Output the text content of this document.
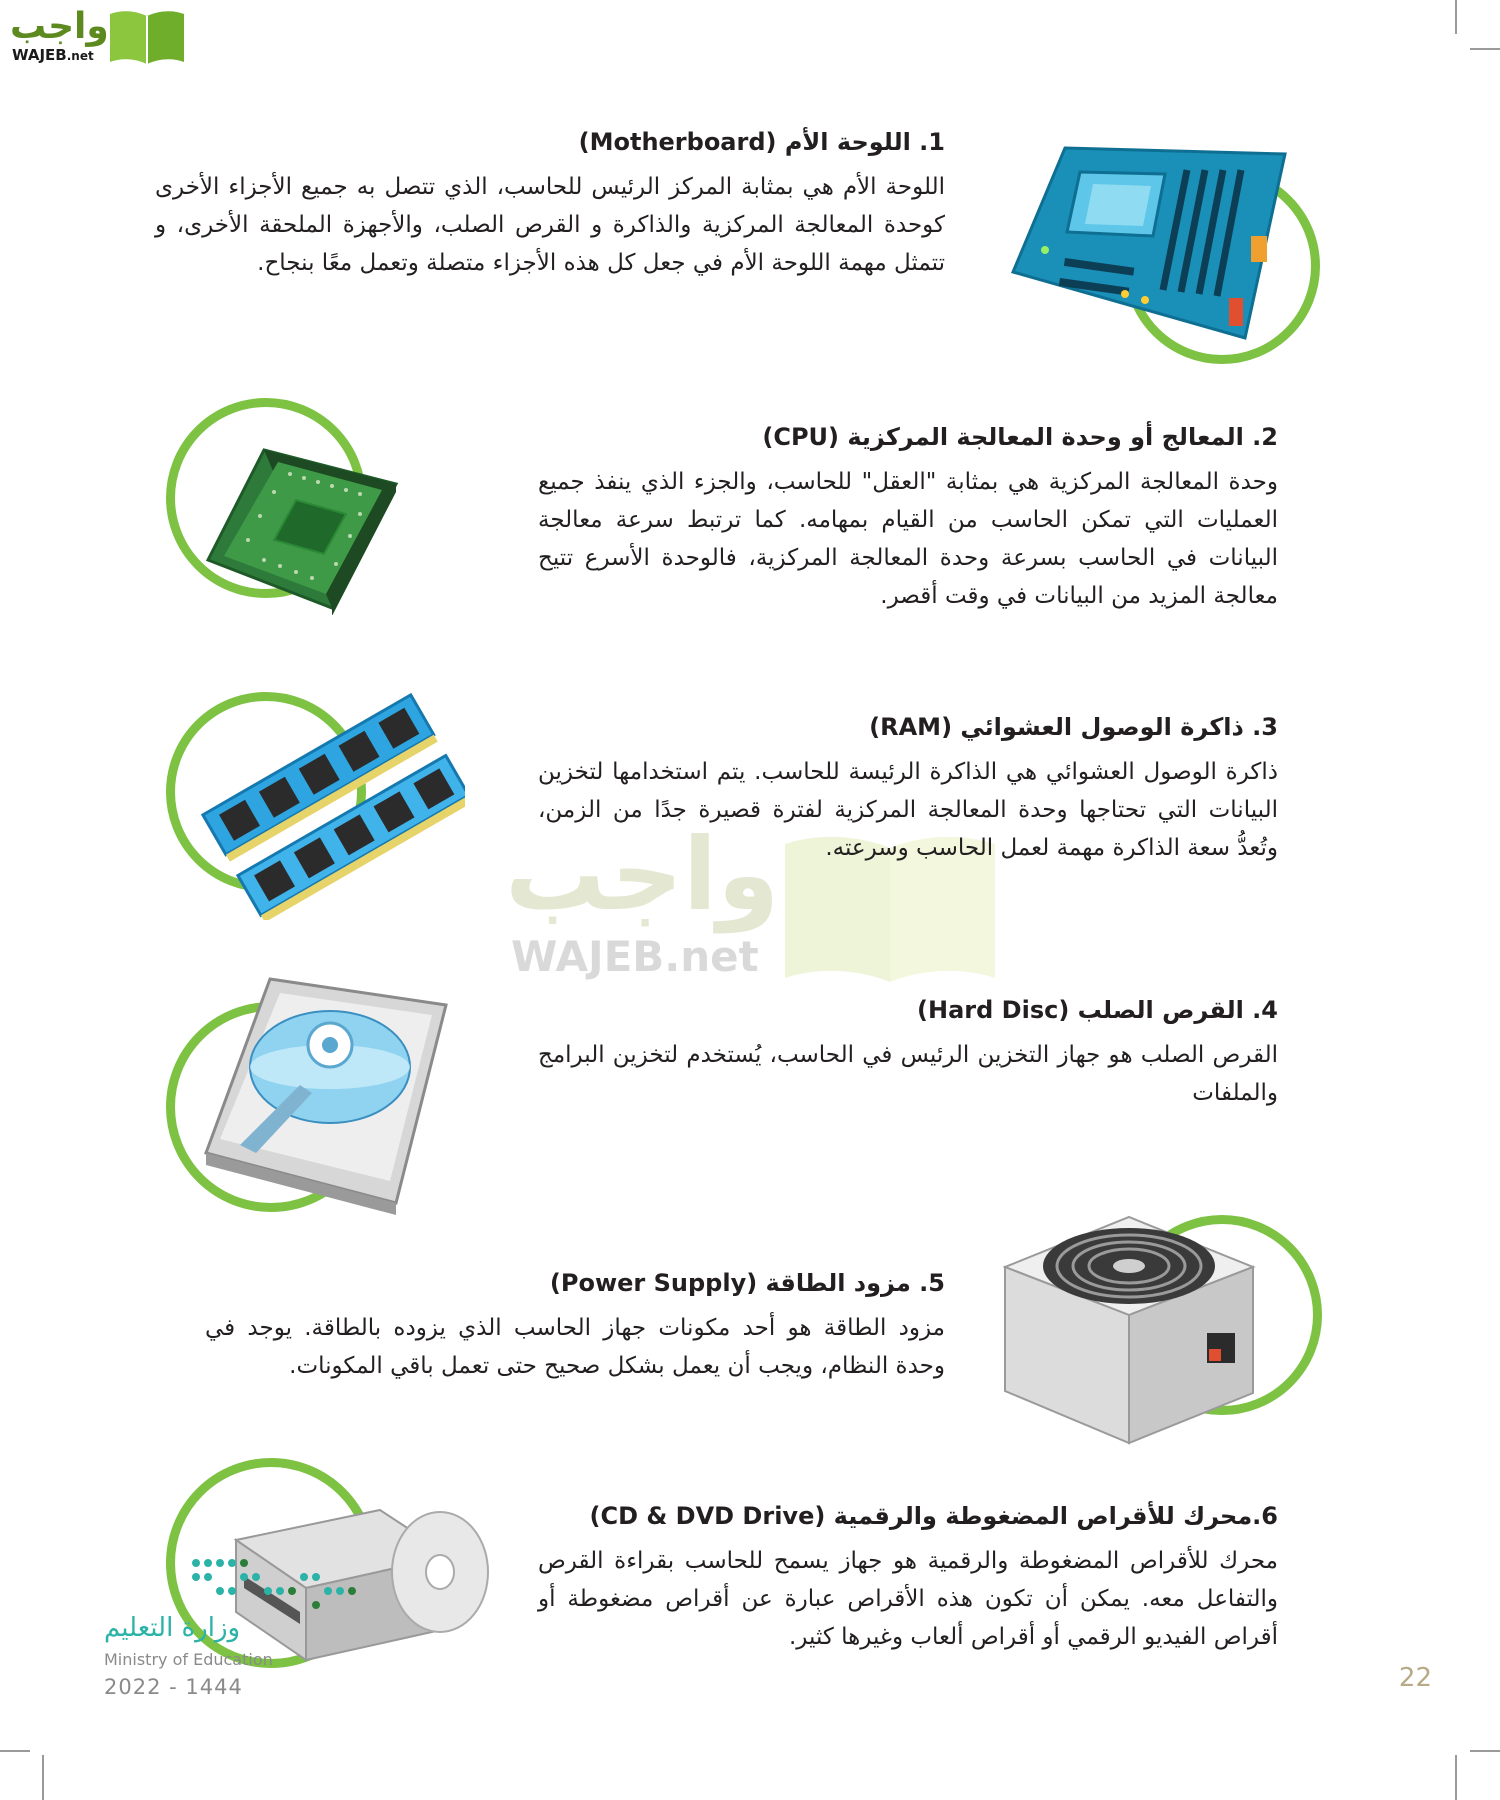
واجب
WAJEB.net
واجب
WAJEB.net
1. اللوحة الأم (Motherboard)
اللوحة الأم هي بمثابة المركز الرئيس للحاسب، الذي تتصل به جميع الأجزاء الأخرى كوحدة المعالجة المركزية والذاكرة و القرص الصلب، والأجهزة الملحقة الأخرى، و تتمثل مهمة اللوحة الأم في جعل كل هذه الأجزاء متصلة وتعمل معًا بنجاح.
2. المعالج أو وحدة المعالجة المركزية (CPU)
وحدة المعالجة المركزية هي بمثابة "العقل" للحاسب، والجزء الذي ينفذ جميع العمليات التي تمكن الحاسب من القيام بمهامه. كما ترتبط سرعة معالجة البيانات في الحاسب بسرعة وحدة المعالجة المركزية، فالوحدة الأسرع تتيح معالجة المزيد من البيانات في وقت أقصر.
3. ذاكرة الوصول العشوائي (RAM)
ذاكرة الوصول العشوائي هي الذاكرة الرئيسة للحاسب. يتم استخدامها لتخزين البيانات التي تحتاجها وحدة المعالجة المركزية لفترة قصيرة جدًا من الزمن، وتُعدُّ سعة الذاكرة مهمة لعمل الحاسب وسرعته.
4. القرص الصلب (Hard Disc)
القرص الصلب هو جهاز التخزين الرئيس في الحاسب، يُستخدم لتخزين البرامج والملفات
5. مزود الطاقة (Power Supply)
مزود الطاقة هو أحد مكونات جهاز الحاسب الذي يزوده بالطاقة. يوجد في وحدة النظام، ويجب أن يعمل بشكل صحيح حتى تعمل باقي المكونات.
6.محرك للأقراص المضغوطة والرقمية (CD & DVD Drive)
محرك للأقراص المضغوطة والرقمية هو جهاز يسمح للحاسب بقراءة القرص والتفاعل معه. يمكن أن تكون هذه الأقراص عبارة عن أقراص مضغوطة أو أقراص الفيديو الرقمي أو أقراص ألعاب وغيرها كثير.
وزارة التعليم
Ministry of Education
2022 - 1444	22
